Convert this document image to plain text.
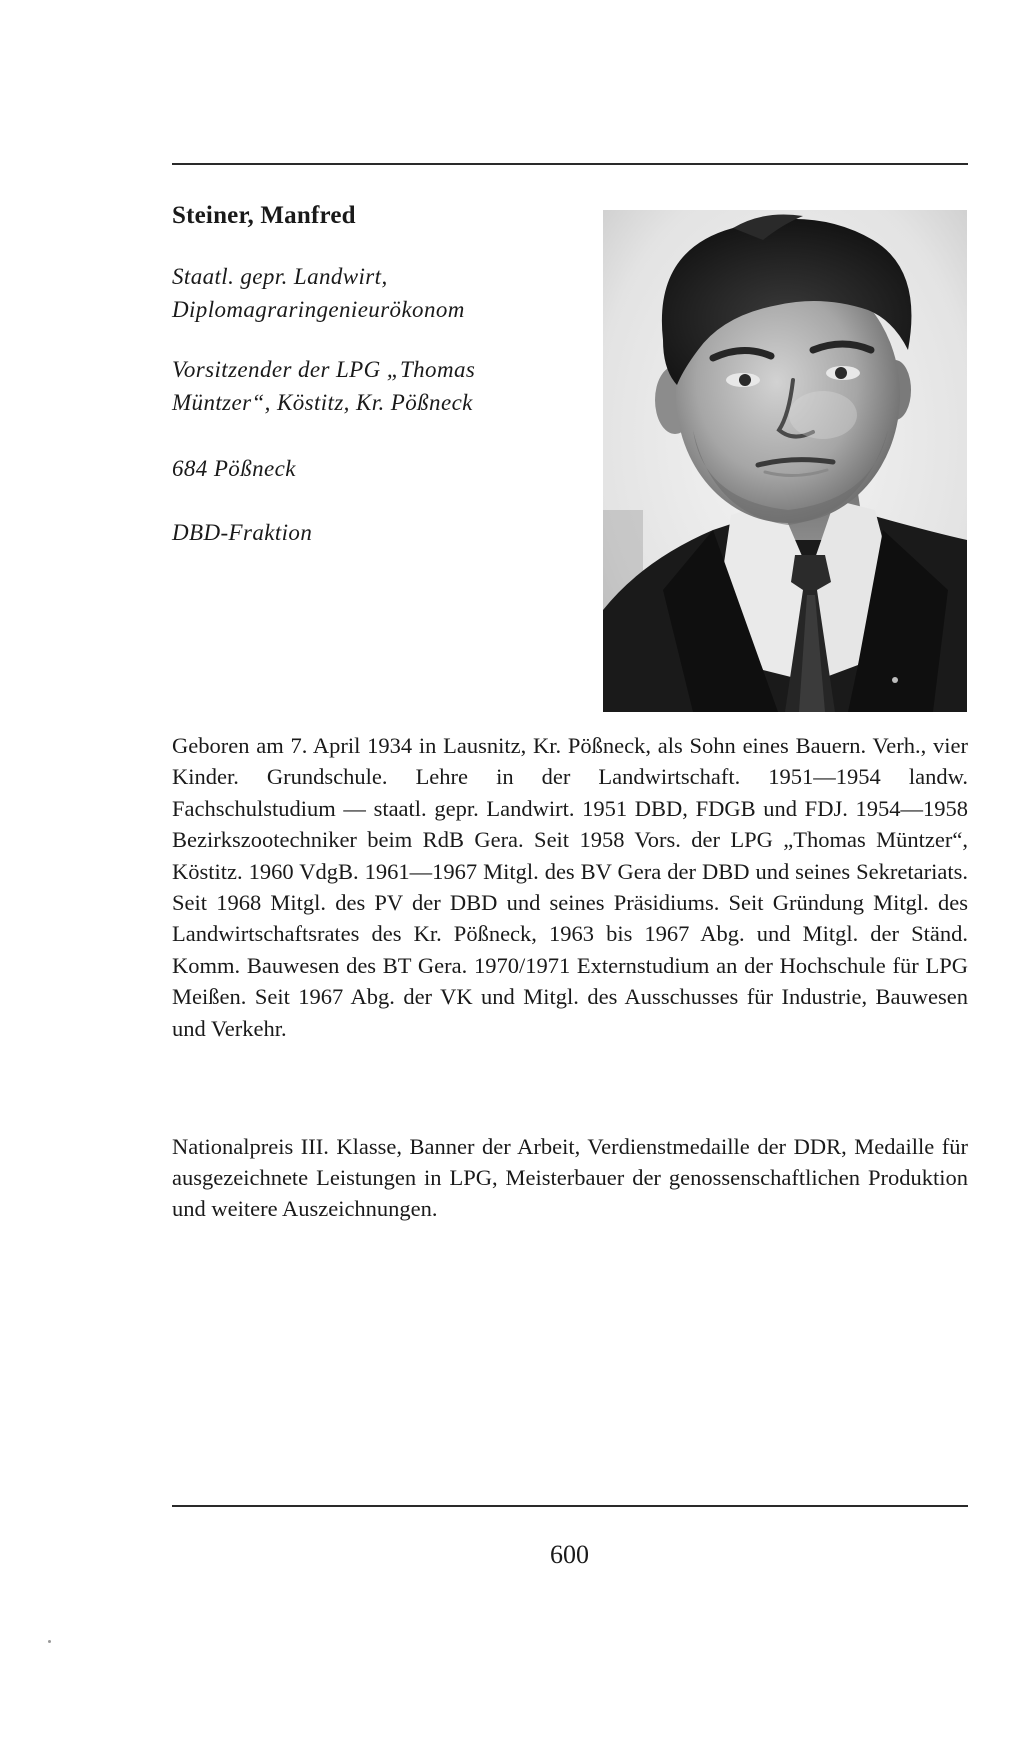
Steiner, Manfred

Staatl. gepr. Landwirt,
Diplomagraringenieurökonom

Vorsitzender der LPG „Thomas
Müntzer“, Köstitz, Kr. Pößneck

684 Pößneck

DBD-Fraktion

Geboren am 7. April 1934 in Lausnitz, Kr. Pößneck, als Sohn eines Bauern. Verh., vier Kinder. Grundschule. Lehre in der Landwirtschaft. 1951—1954 landw. Fachschulstudium — staatl. gepr. Landwirt. 1951 DBD, FDGB und FDJ. 1954—1958 Bezirkszootechniker beim RdB Gera. Seit 1958 Vors. der LPG „Thomas Müntzer“, Köstitz. 1960 VdgB. 1961—1967 Mitgl. des BV Gera der DBD und seines Sekretariats. Seit 1968 Mitgl. des PV der DBD und seines Präsidiums. Seit Gründung Mitgl. des Landwirtschaftsrates des Kr. Pößneck, 1963 bis 1967 Abg. und Mitgl. der Ständ. Komm. Bauwesen des BT Gera. 1970/1971 Externstudium an der Hochschule für LPG Meißen. Seit 1967 Abg. der VK und Mitgl. des Ausschusses für Industrie, Bauwesen und Verkehr.

Nationalpreis III. Klasse, Banner der Arbeit, Verdienstmedaille der DDR, Medaille für ausgezeichnete Leistungen in LPG, Meisterbauer der genossenschaftlichen Produktion und weitere Auszeichnungen.

600
